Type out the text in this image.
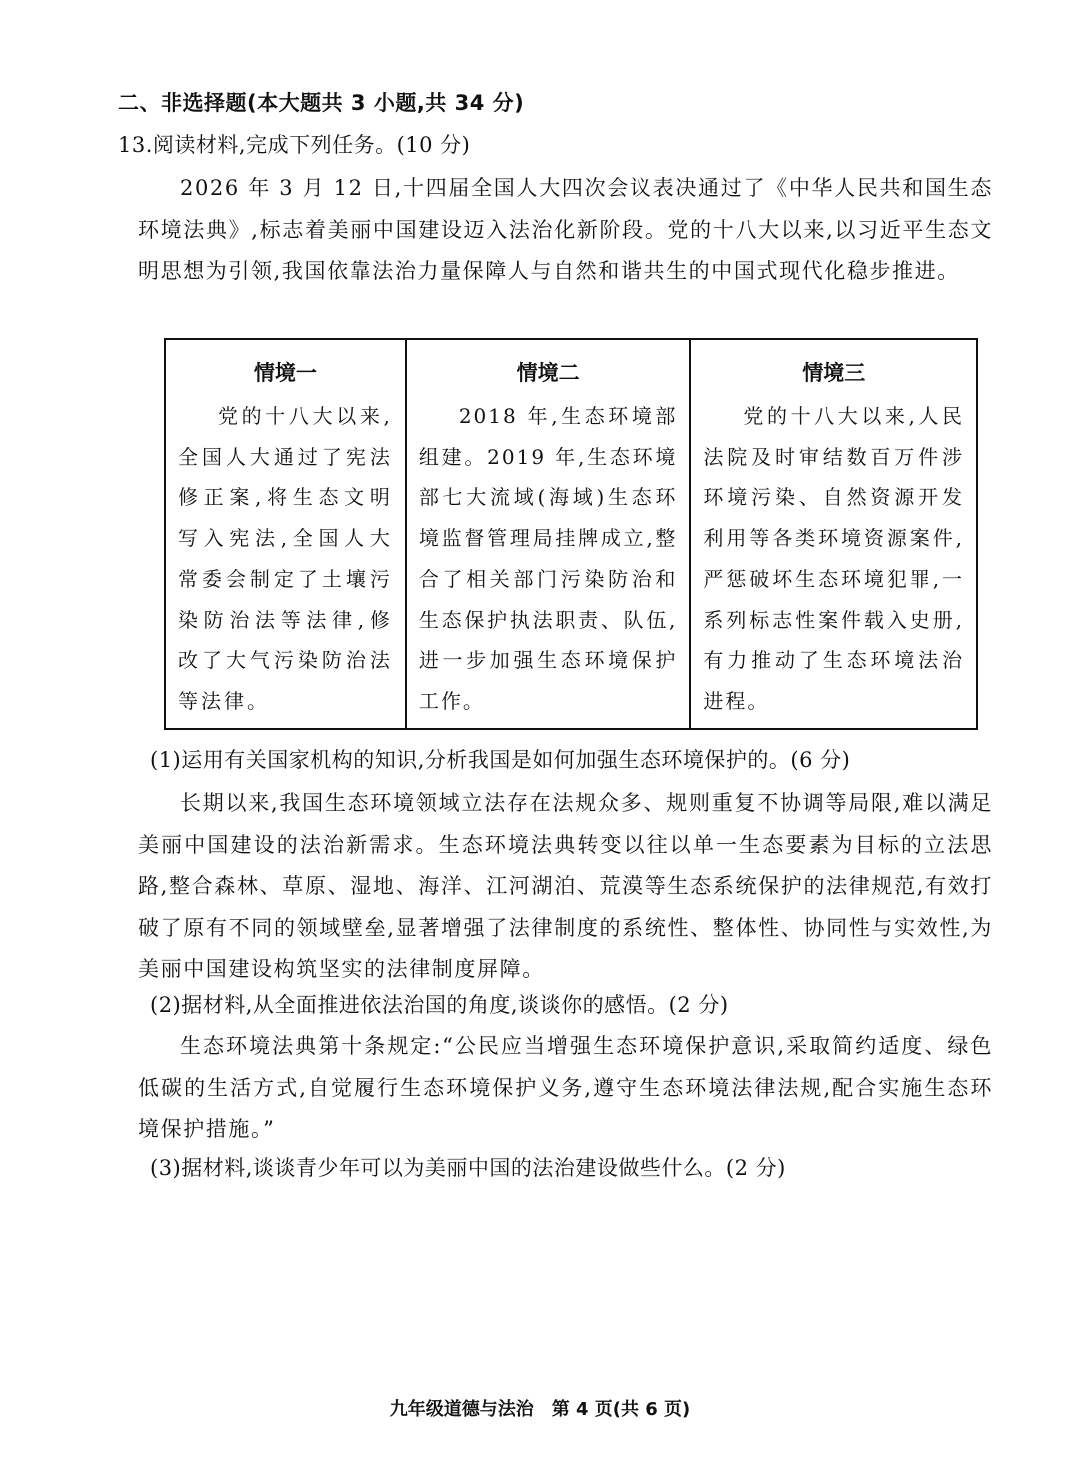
二、非选择题(本大题共 3 小题,共 34 分)
13.阅读材料,完成下列任务。(10 分)
2026 年 3 月 12 日,十四届全国人大四次会议表决通过了《中华人民共和国生态环境法典》,标志着美丽中国建设迈入法治化新阶段。党的十八大以来,以习近平生态文明思想为引领,我国依靠法治力量保障人与自然和谐共生的中国式现代化稳步推进。
情境一
党的十八大以来,全国人大通过了宪法修正案,将生态文明写入宪法,全国人大常委会制定了土壤污染防治法等法律,修改了大气污染防治法等法律。
情境二
2018 年,生态环境部组建。2019 年,生态环境部七大流域(海域)生态环境监督管理局挂牌成立,整合了相关部门污染防治和生态保护执法职责、队伍,进一步加强生态环境保护工作。
情境三
党的十八大以来,人民法院及时审结数百万件涉环境污染、自然资源开发利用等各类环境资源案件,严惩破坏生态环境犯罪,一系列标志性案件载入史册,有力推动了生态环境法治进程。
(1)运用有关国家机构的知识,分析我国是如何加强生态环境保护的。(6 分)
长期以来,我国生态环境领域立法存在法规众多、规则重复不协调等局限,难以满足美丽中国建设的法治新需求。生态环境法典转变以往以单一生态要素为目标的立法思路,整合森林、草原、湿地、海洋、江河湖泊、荒漠等生态系统保护的法律规范,有效打破了原有不同的领域壁垒,显著增强了法律制度的系统性、整体性、协同性与实效性,为美丽中国建设构筑坚实的法律制度屏障。
(2)据材料,从全面推进依法治国的角度,谈谈你的感悟。(2 分)
生态环境法典第十条规定:“公民应当增强生态环境保护意识,采取简约适度、绿色低碳的生活方式,自觉履行生态环境保护义务,遵守生态环境法律法规,配合实施生态环境保护措施。”
(3)据材料,谈谈青少年可以为美丽中国的法治建设做些什么。(2 分)
九年级道德与法治　第 4 页(共 6 页)
